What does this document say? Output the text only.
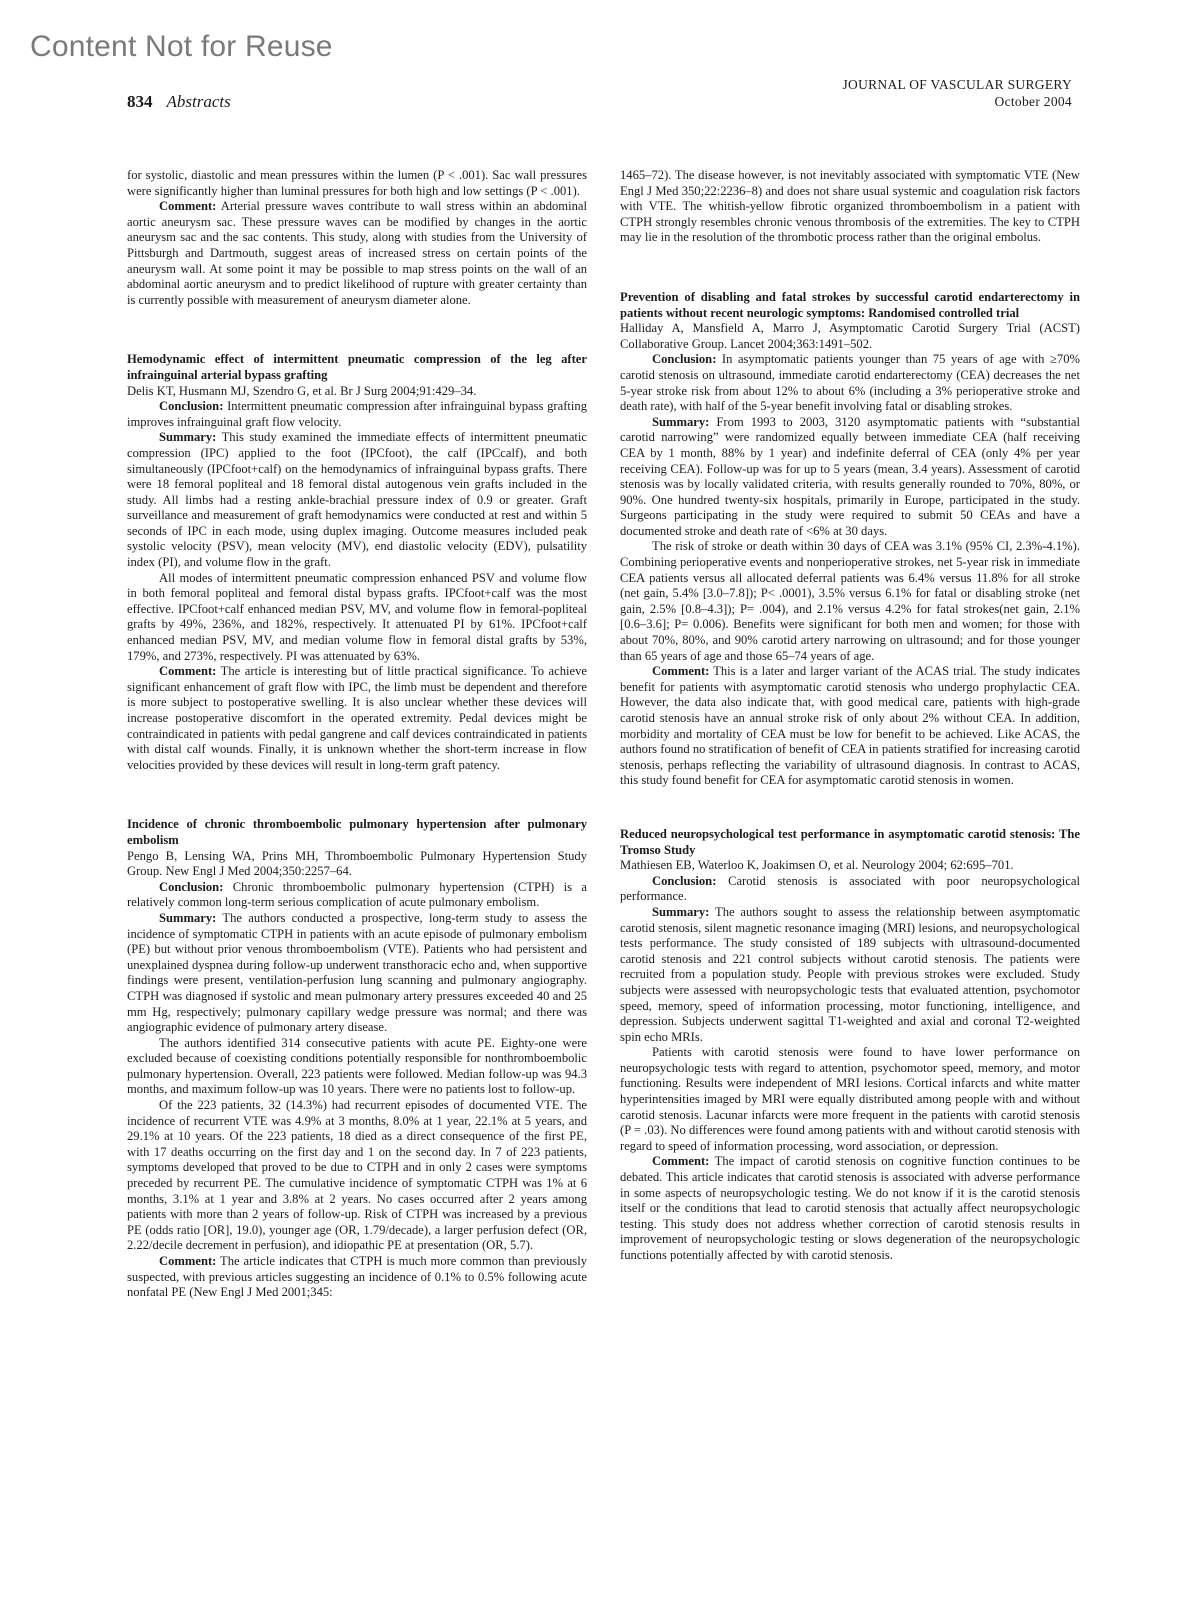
Content Not for Reuse
834 Abstracts
JOURNAL OF VASCULAR SURGERY
October 2004

for systolic, diastolic and mean pressures within the lumen (P < .001). Sac wall pressures were significantly higher than luminal pressures for both high and low settings (P < .001).

Comment: Arterial pressure waves contribute to wall stress within an abdominal aortic aneurysm sac. These pressure waves can be modified by changes in the aortic aneurysm sac and the sac contents. This study, along with studies from the University of Pittsburgh and Dartmouth, suggest areas of increased stress on certain points of the aneurysm wall. At some point it may be possible to map stress points on the wall of an abdominal aortic aneurysm and to predict likelihood of rupture with greater certainty than is currently possible with measurement of aneurysm diameter alone.

Hemodynamic effect of intermittent pneumatic compression of the leg after infrainguinal arterial bypass grafting

Delis KT, Husmann MJ, Szendro G, et al. Br J Surg 2004;91:429–34.

Conclusion: Intermittent pneumatic compression after infrainguinal bypass grafting improves infrainguinal graft flow velocity.

Summary: This study examined the immediate effects of intermittent pneumatic compression (IPC) applied to the foot (IPCfoot), the calf (IPCcalf), and both simultaneously (IPCfoot+calf) on the hemodynamics of infrainguinal bypass grafts. There were 18 femoral popliteal and 18 femoral distal autogenous vein grafts included in the study. All limbs had a resting ankle-brachial pressure index of 0.9 or greater. Graft surveillance and measurement of graft hemodynamics were conducted at rest and within 5 seconds of IPC in each mode, using duplex imaging. Outcome measures included peak systolic velocity (PSV), mean velocity (MV), end diastolic velocity (EDV), pulsatility index (PI), and volume flow in the graft.

All modes of intermittent pneumatic compression enhanced PSV and volume flow in both femoral popliteal and femoral distal bypass grafts. IPCfoot+calf was the most effective. IPCfoot+calf enhanced median PSV, MV, and volume flow in femoral-popliteal grafts by 49%, 236%, and 182%, respectively. It attenuated PI by 61%. IPCfoot+calf enhanced median PSV, MV, and median volume flow in femoral distal grafts by 53%, 179%, and 273%, respectively. PI was attenuated by 63%.

Comment: The article is interesting but of little practical significance. To achieve significant enhancement of graft flow with IPC, the limb must be dependent and therefore is more subject to postoperative swelling. It is also unclear whether these devices will increase postoperative discomfort in the operated extremity. Pedal devices might be contraindicated in patients with pedal gangrene and calf devices contraindicated in patients with distal calf wounds. Finally, it is unknown whether the short-term increase in flow velocities provided by these devices will result in long-term graft patency.

Incidence of chronic thromboembolic pulmonary hypertension after pulmonary embolism

Pengo B, Lensing WA, Prins MH, Thromboembolic Pulmonary Hypertension Study Group. New Engl J Med 2004;350:2257–64.

Conclusion: Chronic thromboembolic pulmonary hypertension (CTPH) is a relatively common long-term serious complication of acute pulmonary embolism.

Summary: The authors conducted a prospective, long-term study to assess the incidence of symptomatic CTPH in patients with an acute episode of pulmonary embolism (PE) but without prior venous thromboembolism (VTE). Patients who had persistent and unexplained dyspnea during follow-up underwent transthoracic echo and, when supportive findings were present, ventilation-perfusion lung scanning and pulmonary angiography. CTPH was diagnosed if systolic and mean pulmonary artery pressures exceeded 40 and 25 mm Hg, respectively; pulmonary capillary wedge pressure was normal; and there was angiographic evidence of pulmonary artery disease.

The authors identified 314 consecutive patients with acute PE. Eighty-one were excluded because of coexisting conditions potentially responsible for nonthromboembolic pulmonary hypertension. Overall, 223 patients were followed. Median follow-up was 94.3 months, and maximum follow-up was 10 years. There were no patients lost to follow-up.

Of the 223 patients, 32 (14.3%) had recurrent episodes of documented VTE. The incidence of recurrent VTE was 4.9% at 3 months, 8.0% at 1 year, 22.1% at 5 years, and 29.1% at 10 years. Of the 223 patients, 18 died as a direct consequence of the first PE, with 17 deaths occurring on the first day and 1 on the second day. In 7 of 223 patients, symptoms developed that proved to be due to CTPH and in only 2 cases were symptoms preceded by recurrent PE. The cumulative incidence of symptomatic CTPH was 1% at 6 months, 3.1% at 1 year and 3.8% at 2 years. No cases occurred after 2 years among patients with more than 2 years of follow-up. Risk of CTPH was increased by a previous PE (odds ratio [OR], 19.0), younger age (OR, 1.79/decade), a larger perfusion defect (OR, 2.22/decile decrement in perfusion), and idiopathic PE at presentation (OR, 5.7).

Comment: The article indicates that CTPH is much more common than previously suspected, with previous articles suggesting an incidence of 0.1% to 0.5% following acute nonfatal PE (New Engl J Med 2001;345:

1465–72). The disease however, is not inevitably associated with symptomatic VTE (New Engl J Med 350;22:2236–8) and does not share usual systemic and coagulation risk factors with VTE. The whitish-yellow fibrotic organized thromboembolism in a patient with CTPH strongly resembles chronic venous thrombosis of the extremities. The key to CTPH may lie in the resolution of the thrombotic process rather than the original embolus.

Prevention of disabling and fatal strokes by successful carotid endarterectomy in patients without recent neurologic symptoms: Randomised controlled trial

Halliday A, Mansfield A, Marro J, Asymptomatic Carotid Surgery Trial (ACST) Collaborative Group. Lancet 2004;363:1491–502.

Conclusion: In asymptomatic patients younger than 75 years of age with ≥70% carotid stenosis on ultrasound, immediate carotid endarterectomy (CEA) decreases the net 5-year stroke risk from about 12% to about 6% (including a 3% perioperative stroke and death rate), with half of the 5-year benefit involving fatal or disabling strokes.

Summary: From 1993 to 2003, 3120 asymptomatic patients with “substantial carotid narrowing” were randomized equally between immediate CEA (half receiving CEA by 1 month, 88% by 1 year) and indefinite deferral of CEA (only 4% per year receiving CEA). Follow-up was for up to 5 years (mean, 3.4 years). Assessment of carotid stenosis was by locally validated criteria, with results generally rounded to 70%, 80%, or 90%. One hundred twenty-six hospitals, primarily in Europe, participated in the study. Surgeons participating in the study were required to submit 50 CEAs and have a documented stroke and death rate of <6% at 30 days.

The risk of stroke or death within 30 days of CEA was 3.1% (95% CI, 2.3%-4.1%). Combining perioperative events and nonperioperative strokes, net 5-year risk in immediate CEA patients versus all allocated deferral patients was 6.4% versus 11.8% for all stroke (net gain, 5.4% [3.0–7.8]); P< .0001), 3.5% versus 6.1% for fatal or disabling stroke (net gain, 2.5% [0.8–4.3]); P= .004), and 2.1% versus 4.2% for fatal strokes(net gain, 2.1% [0.6–3.6]; P= 0.006). Benefits were significant for both men and women; for those with about 70%, 80%, and 90% carotid artery narrowing on ultrasound; and for those younger than 65 years of age and those 65–74 years of age.

Comment: This is a later and larger variant of the ACAS trial. The study indicates benefit for patients with asymptomatic carotid stenosis who undergo prophylactic CEA. However, the data also indicate that, with good medical care, patients with high-grade carotid stenosis have an annual stroke risk of only about 2% without CEA. In addition, morbidity and mortality of CEA must be low for benefit to be achieved. Like ACAS, the authors found no stratification of benefit of CEA in patients stratified for increasing carotid stenosis, perhaps reflecting the variability of ultrasound diagnosis. In contrast to ACAS, this study found benefit for CEA for asymptomatic carotid stenosis in women.

Reduced neuropsychological test performance in asymptomatic carotid stenosis: The Tromso Study

Mathiesen EB, Waterloo K, Joakimsen O, et al. Neurology 2004; 62:695–701.

Conclusion: Carotid stenosis is associated with poor neuropsychological performance.

Summary: The authors sought to assess the relationship between asymptomatic carotid stenosis, silent magnetic resonance imaging (MRI) lesions, and neuropsychological tests performance. The study consisted of 189 subjects with ultrasound-documented carotid stenosis and 221 control subjects without carotid stenosis. The patients were recruited from a population study. People with previous strokes were excluded. Study subjects were assessed with neuropsychologic tests that evaluated attention, psychomotor speed, memory, speed of information processing, motor functioning, intelligence, and depression. Subjects underwent sagittal T1-weighted and axial and coronal T2-weighted spin echo MRIs.

Patients with carotid stenosis were found to have lower performance on neuropsychologic tests with regard to attention, psychomotor speed, memory, and motor functioning. Results were independent of MRI lesions. Cortical infarcts and white matter hyperintensities imaged by MRI were equally distributed among people with and without carotid stenosis. Lacunar infarcts were more frequent in the patients with carotid stenosis (P = .03). No differences were found among patients with and without carotid stenosis with regard to speed of information processing, word association, or depression.

Comment: The impact of carotid stenosis on cognitive function continues to be debated. This article indicates that carotid stenosis is associated with adverse performance in some aspects of neuropsychologic testing. We do not know if it is the carotid stenosis itself or the conditions that lead to carotid stenosis that actually affect neuropsychologic testing. This study does not address whether correction of carotid stenosis results in improvement of neuropsychologic testing or slows degeneration of the neuropsychologic functions potentially affected by with carotid stenosis.
